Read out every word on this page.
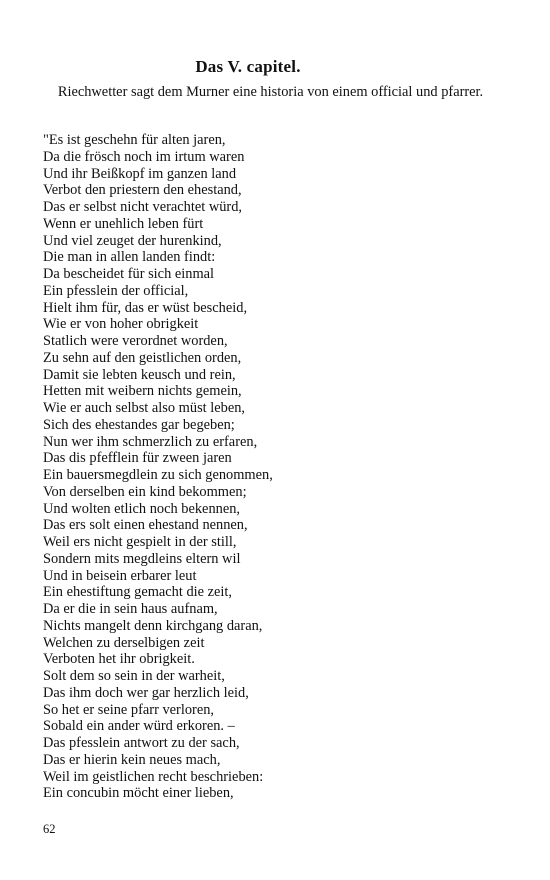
Das V. capitel.
Riechwetter sagt dem Murner eine historia von einem official und pfarrer.
"Es ist geschehn für alten jaren,
Da die frösch noch im irtum waren
Und ihr Beißkopf im ganzen land
Verbot den priestern den ehestand,
Das er selbst nicht verachtet würd,
Wenn er unehlich leben fürt
Und viel zeuget der hurenkind,
Die man in allen landen findt:
Da bescheidet für sich einmal
Ein pfesslein der official,
Hielt ihm für, das er wüst bescheid,
Wie er von hoher obrigkeit
Statlich were verordnet worden,
Zu sehn auf den geistlichen orden,
Damit sie lebten keusch und rein,
Hetten mit weibern nichts gemein,
Wie er auch selbst also müst leben,
Sich des ehestandes gar begeben;
Nun wer ihm schmerzlich zu erfaren,
Das dis pfefflein für zween jaren
Ein bauersmegdlein zu sich genommen,
Von derselben ein kind bekommen;
Und wolten etlich noch bekennen,
Das ers solt einen ehestand nennen,
Weil ers nicht gespielt in der still,
Sondern mits megdleins eltern wil
Und in beisein erbarer leut
Ein ehestiftung gemacht die zeit,
Da er die in sein haus aufnam,
Nichts mangelt denn kirchgang daran,
Welchen zu derselbigen zeit
Verboten het ihr obrigkeit.
Solt dem so sein in der warheit,
Das ihm doch wer gar herzlich leid,
So het er seine pfarr verloren,
Sobald ein ander würd erkoren. –
Das pfesslein antwort zu der sach,
Das er hierin kein neues mach,
Weil im geistlichen recht beschrieben:
Ein concubin möcht einer lieben,
62
